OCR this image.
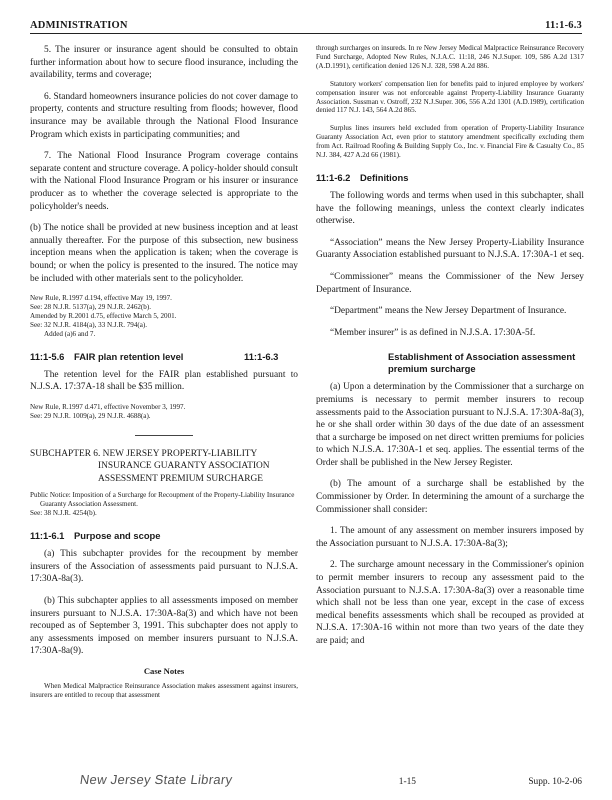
ADMINISTRATION	11:1-6.3

5. The insurer or insurance agent should be consulted to obtain further information about how to secure flood insurance, including the availability, terms and coverage;

6. Standard homeowners insurance policies do not cover damage to property, contents and structure resulting from floods; however, flood insurance may be available through the National Flood Insurance Program which exists in participating communities; and

7. The National Flood Insurance Program coverage contains separate content and structure coverage. A policy-holder should consult with the National Flood Insurance Program or his insurer or insurance producer as to whether the coverage selected is appropriate to the policyholder's needs.

(b) The notice shall be provided at new business inception and at least annually thereafter. For the purpose of this subsection, new business inception means when the application is taken; when the coverage is bound; or when the policy is presented to the insured. The notice may be included with other materials sent to the policyholder.

New Rule, R.1997 d.194, effective May 19, 1997.

See: 28 N.J.R. 5137(a), 29 N.J.R. 2462(b).

Amended by R.2001 d.75, effective March 5, 2001.

See: 32 N.J.R. 4184(a), 33 N.J.R. 794(a).

Added (a)6 and 7.

11:1-5.6 FAIR plan retention level

The retention level for the FAIR plan established pursuant to N.J.S.A. 17:37A-18 shall be $35 million.

New Rule, R.1997 d.471, effective November 3, 1997.

See: 29 N.J.R. 1009(a), 29 N.J.R. 4688(a).

SUBCHAPTER 6. NEW JERSEY PROPERTY-LIABILITY INSURANCE GUARANTY ASSOCIATION ASSESSMENT PREMIUM SURCHARGE

Public Notice: Imposition of a Surcharge for Recoupment of the Property-Liability Insurance Guaranty Association Assessment.

See: 38 N.J.R. 4254(b).

11:1-6.1 Purpose and scope

(a) This subchapter provides for the recoupment by member insurers of the Association of assessments paid pursuant to N.J.S.A. 17:30A-8a(3).

(b) This subchapter applies to all assessments imposed on member insurers pursuant to N.J.S.A. 17:30A-8a(3) and which have not been recouped as of September 3, 1991. This subchapter does not apply to any assessments imposed on member insurers pursuant to N.J.S.A. 17:30A-8a(9).

Case Notes

When Medical Malpractice Reinsurance Association makes assessment against insurers, insurers are entitled to recoup that assessment

through surcharges on insureds. In re New Jersey Medical Malpractice Reinsurance Recovery Fund Surcharge, Adopted New Rules, N.J.A.C. 11:18, 246 N.J.Super. 109, 586 A.2d 1317 (A.D.1991), certification denied 126 N.J. 328, 598 A.2d 886.

Statutory workers' compensation lien for benefits paid to injured employee by workers' compensation insurer was not enforceable against Property-Liability Insurance Guaranty Association. Sussman v. Ostroff, 232 N.J.Super. 306, 556 A.2d 1301 (A.D.1989), certification denied 117 N.J. 143, 564 A.2d 865.

Surplus lines insurers held excluded from operation of Property-Liability Insurance Guaranty Association Act, even prior to statutory amendment specifically excluding them from Act. Railroad Roofing & Building Supply Co., Inc. v. Financial Fire & Casualty Co., 85 N.J. 384, 427 A.2d 66 (1981).

11:1-6.2 Definitions

The following words and terms when used in this subchapter, shall have the following meanings, unless the context clearly indicates otherwise.

“Association” means the New Jersey Property-Liability Insurance Guaranty Association established pursuant to N.J.S.A. 17:30A-1 et seq.

“Commissioner” means the Commissioner of the New Jersey Department of Insurance.

“Department” means the New Jersey Department of Insurance.

“Member insurer” is as defined in N.J.S.A. 17:30A-5f.

11:1-6.3	Establishment of Association assessment premium surcharge

(a) Upon a determination by the Commissioner that a surcharge on premiums is necessary to permit member insurers to recoup assessments paid to the Association pursuant to N.J.S.A. 17:30A-8a(3), he or she shall order within 30 days of the due date of an assessment that a surcharge be imposed on net direct written premiums for policies to which N.J.S.A. 17:30A-1 et seq. applies. The essential terms of the Order shall be published in the New Jersey Register.

(b) The amount of a surcharge shall be established by the Commissioner by Order. In determining the amount of a surcharge the Commissioner shall consider:

1. The amount of any assessment on member insurers imposed by the Association pursuant to N.J.S.A. 17:30A-8a(3);

2. The surcharge amount necessary in the Commissioner's opinion to permit member insurers to recoup any assessment paid to the Association pursuant to N.J.S.A. 17:30A-8a(3) over a reasonable time which shall not be less than one year, except in the case of excess medical benefits assessments which shall be recouped as provided at N.J.S.A. 17:30A-16 within not more than two years of the date they are paid; and

New Jersey State Library	1-15	Supp. 10-2-06
